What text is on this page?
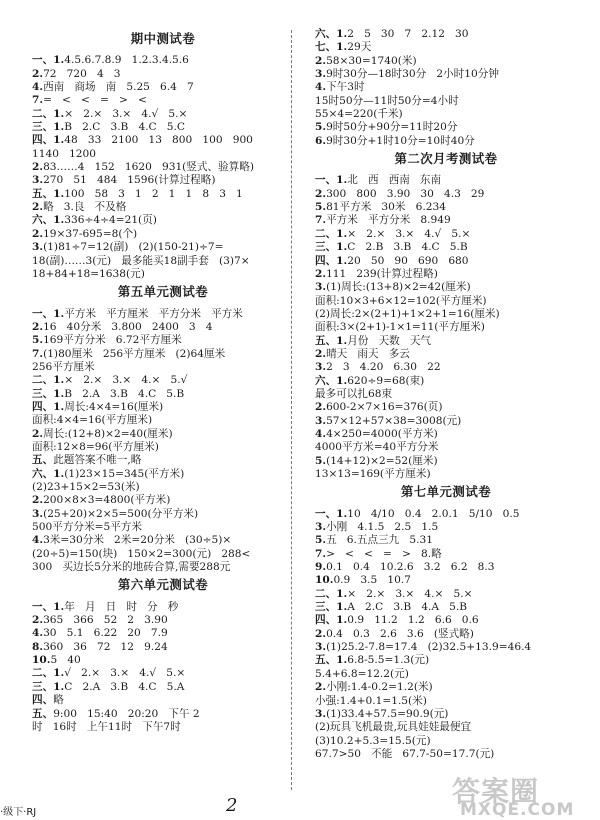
期中测试卷
一、1.4.5.6.7.8.9   1.2.3.4.5.6
2.72   720   4   3
4.西南   商场   南   5.25   6.4   7
7.=   <   <   =   >   <
二、1.×   2.×   3.×   4.√   5.×
三、1.B   2.C   3.B   4.C   5.C
四、1.48   33   2100   13   800   100   900
1140   1200
2.83……4   152   1620   931(竖式、验算略)
3.270   51   484   1596(计算过程略)
五、1.100   58   3   1   2   1   1   8   3   1
2.略   3.良   不及格
六、1.336÷4÷4=21(页)
2.19×37-695=8(个)
3.(1)81÷7=12(副)   (2)(150-21)÷7=
18(副)……3(元)   最多能买18副手套   (3)7×
18+84+18=1638(元)
第五单元测试卷
一、1.平方米   平方厘米   平方分米   平方米
2.16   40分米   3.800   2400   3   4
5.169平方分米   6.72平方厘米
7.(1)80厘米   256平方厘米   (2)64厘米
256平方厘米
二、1.×   2.×   3.×   4.×   5.√
三、1.B   2.A   3.B   4.C   5.B
四、1.周长:4×4=16(厘米)
面积:4×4=16(平方厘米)
2.周长:(12+8)×2=40(厘米)
面积:12×8=96(平方厘米)
五、此题答案不唯一,略
六、1.(1)23×15=345(平方米)
(2)23+15×2=53(米)
2.200×8×3=4800(平方米)
3.(25+20)×2×5=500(分平方米)
500平方分米=5平方米
4.3米=30分米   2米=20分米   (30÷5)×
(20÷5)=150(块)   150×2=300(元)   288<
300   买边长5分米的地砖合算,需要288元
第六单元测试卷
一、1.年   月   日   时   分   秒
2.365   366   52   2   3.90
4.30   5.1   6.22   20   7.9
8.360   36   72   12   9.24
10.5   40
二、1.√   2.×   3.×   4.√   5.×
三、1.C   2.A   3.B   4.C   5.A
四、略
五、9:00   15:40   20:20   下午 2
时   16时   上午11时   下午7时
六、1.2   5   30   7   2.12   30
七、1.29天
2.58×30=1740(米)
3.9时30分—18时30分   2小时10分钟
4.下午3时
15时50分—11时50分=4小时
55×4=220(千米)
5.9时50分+90分=11时20分
6.9时30分+1时10分=10时40分
第二次月考测试卷
一、1.北   西   西南   东南
2.300   800   3.90   30   4.3   29
5.81平方米   30米   6.234
7.平方米   平方分米   8.949
二、1.×   2.×   3.×   4.√   5.×
三、1.C   2.B   3.B   4.C   5.B
四、1.20   50   90   690   680
2.111   239(计算过程略)
3.(1)周长:(13+8)×2=42(厘米)
面积:10×3+6×12=102(平方厘米)
(2)周长:2×(2+1)+1×2+1=16(厘米)
面积:3×(2+1)-1×1=11(平方厘米)
五、1.月份   天数   天气
2.晴天   雨天   多云
3.2   3   4.20   6.30   22
六、1.620÷9=68(束)
最多可以扎68束
2.600-2×7×16=376(页)
3.57×12+57×38=3008(元)
4.4×250=4000(平方米)
4000平方米=40平方分米
5.(14+12)×2=52(厘米)
13×13=169(平方厘米)
第七单元测试卷
一、1.10   4/10   0.4   2.0.1   5/10   0.5
3.小刚   4.1.5   2.5   1.5
5.五   6.五点三九   5.31
7.>   <   <   =   >   8.略
9.0.1   0.4   10.2.6   3.2   6.2   8.3
10.0.9   3.5   10.7
二、1.×   2.×   3.×   4.×   5.×
三、1.A   2.C   3.B   4.A   5.B
四、1.0.9   11.2   1.2   6.6   0.6
2.0.4   0.3   2.6   3.6   (竖式略)
3.(1)25.2-7.8=17.4   (2)32.5+13.9=46.4
五、1.6.8-5.5=1.3(元)
5.4+6.8=12.2(元)
2.小刚:1.4-0.2=1.2(米)
小强:1.4+0.1=1.5(米)
3.(1)33.4+57.5=90.9(元)
(2)玩具飞机最贵,玩具娃娃最便宜
(3)10.2+5.3=15.5(元)
67.7>50   不能   67.7-50=17.7(元)
·级下·RJ	2	答案圈
MXQE.COM
